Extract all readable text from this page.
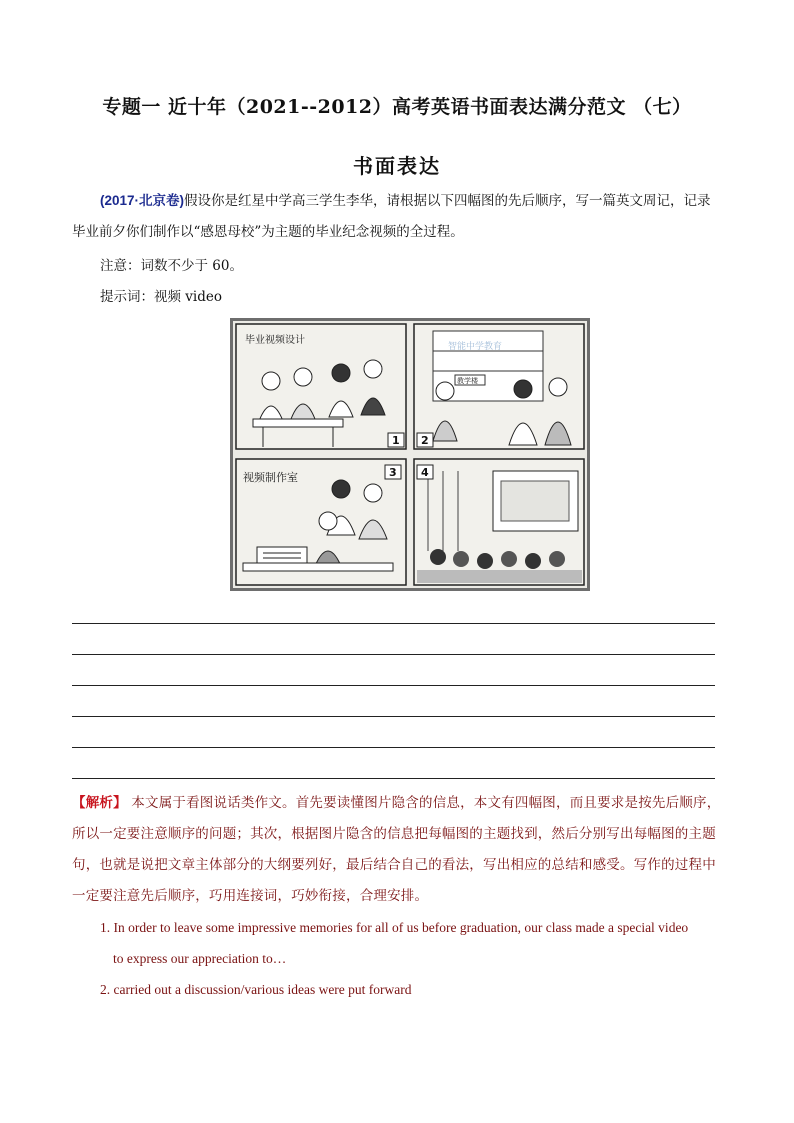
专题一 近十年（2021--2012）高考英语书面表达满分范文 （七）
书面表达
(2017·北京卷)假设你是红星中学高三学生李华，请根据以下四幅图的先后顺序，写一篇英文周记，记录毕业前夕你们制作以“感恩母校”为主题的毕业纪念视频的全过程。
注意：词数不少于 60。
提示词：视频 video
毕业视频设计
1
教学楼
2
智能中学教育
视频制作室	3 4
【解析】 本文属于看图说话类作文。首先要读懂图片隐含的信息，本文有四幅图，而且要求是按先后顺序，所以一定要注意顺序的问题；其次，根据图片隐含的信息把每幅图的主题找到，然后分别写出每幅图的主题句，也就是说把文章主体部分的大纲要列好，最后结合自己的看法，写出相应的总结和感受。写作的过程中一定要注意先后顺序，巧用连接词，巧妙衔接，合理安排。
1. In order to leave some impressive memories for all of us before graduation, our class made a special video
to express our appreciation to…
2. carried out a discussion/various ideas were put forward
